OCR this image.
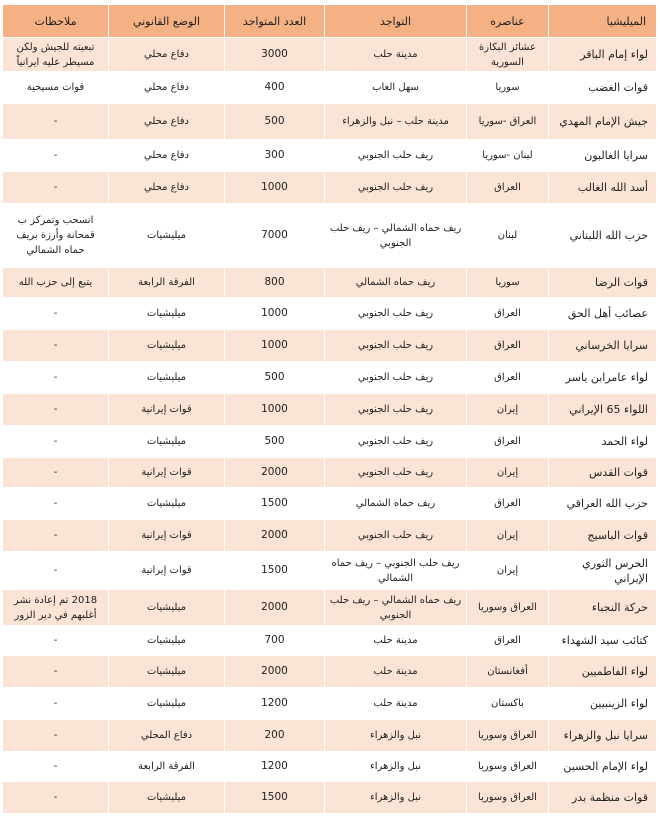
الميليشيا	عناصره	التواجد	العدد المتواجد	الوضع القانوني	ملاحظات
لواء إمام الباقر	عشائر البكارة السورية	مدينة حلب	3000	دفاع محلي	تبعيته للجيش ولكن مسيطر عليه ايرانياً
قوات الغضب	سوريا	سهل الغاب	400	دفاع محلي	قوات مسيحية
جيش الإمام المهدي	العراق -سوريا	مدينة حلب – نبل والزهراء	500	دفاع محلي	-
سرايا الغالبون	لبنان -سوريا	ريف حلب الجنوبي	300	دفاع محلي	-
أسد الله الغالب	العراق	ريف حلب الجنوبي	1000	دفاع محلي	-
حزب الله اللبناني	لبنان	ريف حماه الشمالي – ريف حلب الجنوبي	7000	ميليشيات	انسحب وتمركز ب قمحانة وأرزة بريف حماه الشمالي
قوات الرضا	سوريا	ريف حماه الشمالي	800	الفرقة الرابعة	يتبع إلى حزب الله
عصائب أهل الحق	العراق	ريف حلب الجنوبي	1000	ميليشيات	-
سرايا الخرساني	العراق	ريف حلب الجنوبي	1000	ميليشيات	-
لواء عامرابن ياسر	العراق	ريف حلب الجنوبي	500	ميليشيات	-
اللواء 65 الإيراني	إيران	ريف حلب الجنوبي	1000	قوات إيرانية	-
لواء الحمد	العراق	ريف حلب الجنوبي	500	ميليشيات	-
قوات القدس	إيران	ريف حلب الجنوبي	2000	قوات إيرانية	-
حزب الله العراقي	العراق	ريف حماه الشمالي	1500	ميليشيات	-
قوات الباسيج	إيران	ريف حلب الجنوبي	2000	قوات إيرانية	-
الحرس الثوري الإيراني	إيران	ريف حلب الجنوبي – ريف حماه الشمالي	1500	قوات إيرانية	-
حركة النجباء	العراق وسوريا	ريف حماه الشمالي – ريف حلب الجنوبي	2000	ميليشيات	2018 تم إعادة نشر أغلبهم في دير الزور
كتائب سيد الشهداء	العراق	مدينة حلب	700	ميليشيات	-
لواء الفاطميين	أفغانستان	مدينة حلب	2000	ميليشيات	-
لواء الزينبيين	باكستان	مدينة حلب	1200	ميليشيات	-
سرايا نبل والزهراء	العراق وسوريا	نبل والزهراء	200	دفاع المحلي	-
لواء الإمام الحسين	العراق وسوريا	نبل والزهراء	1200	الفرقة الرابعة	-
قوات منظمة بدر	العراق وسوريا	نبل والزهراء	1500	ميليشيات	-
